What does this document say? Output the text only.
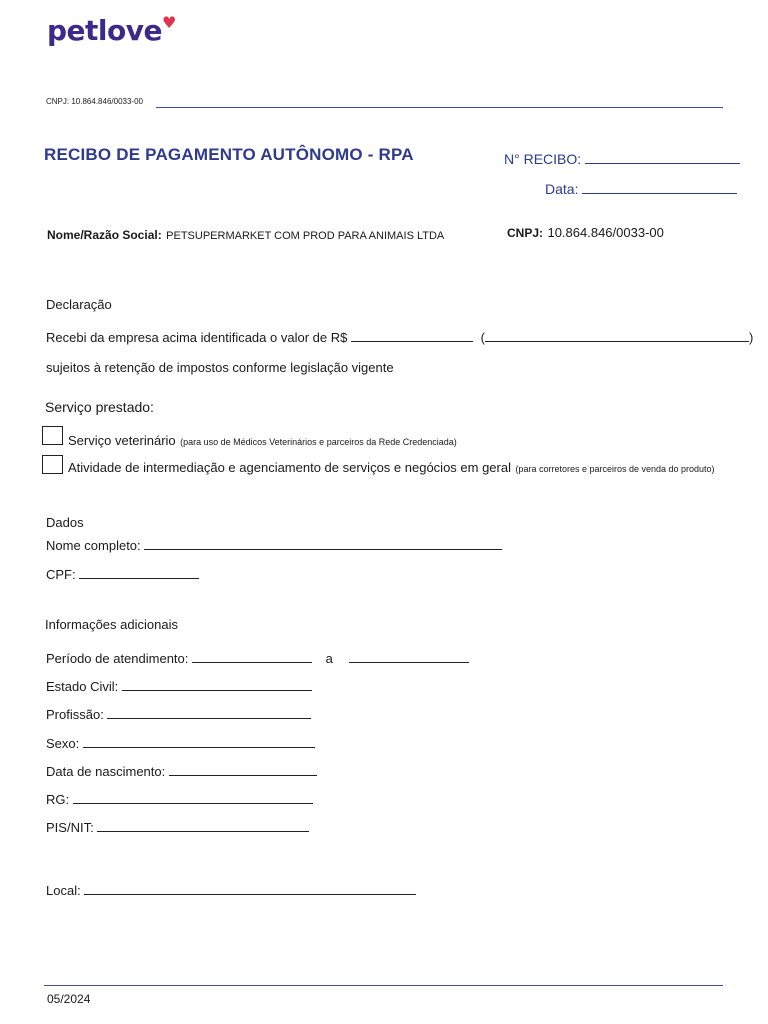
petlove♥
CNPJ: 10.864.846/0033-00
RECIBO DE PAGAMENTO AUTÔNOMO - RPA	N° RECIBO:
Data:
Nome/Razão Social: PETSUPERMARKET COM PROD PARA ANIMAIS LTDA	CNPJ: 10.864.846/0033-00
Declaração
Recebi da empresa acima identificada o valor de R$	(	)
sujeitos à retenção de impostos conforme legislação vigente
Serviço prestado:
Serviço veterinário (para uso de Médicos Veterinários e parceiros da Rede Credenciada)
Atividade de intermediação e agenciamento de serviços e negócios em geral (para corretores e parceiros de venda do produto)
Dados
Nome completo:
CPF:
Informações adicionais
Período de atendimento:	a
Estado Civil:
Profissão:
Sexo:
Data de nascimento:
RG:
PIS/NIT:
Local:
05/2024
